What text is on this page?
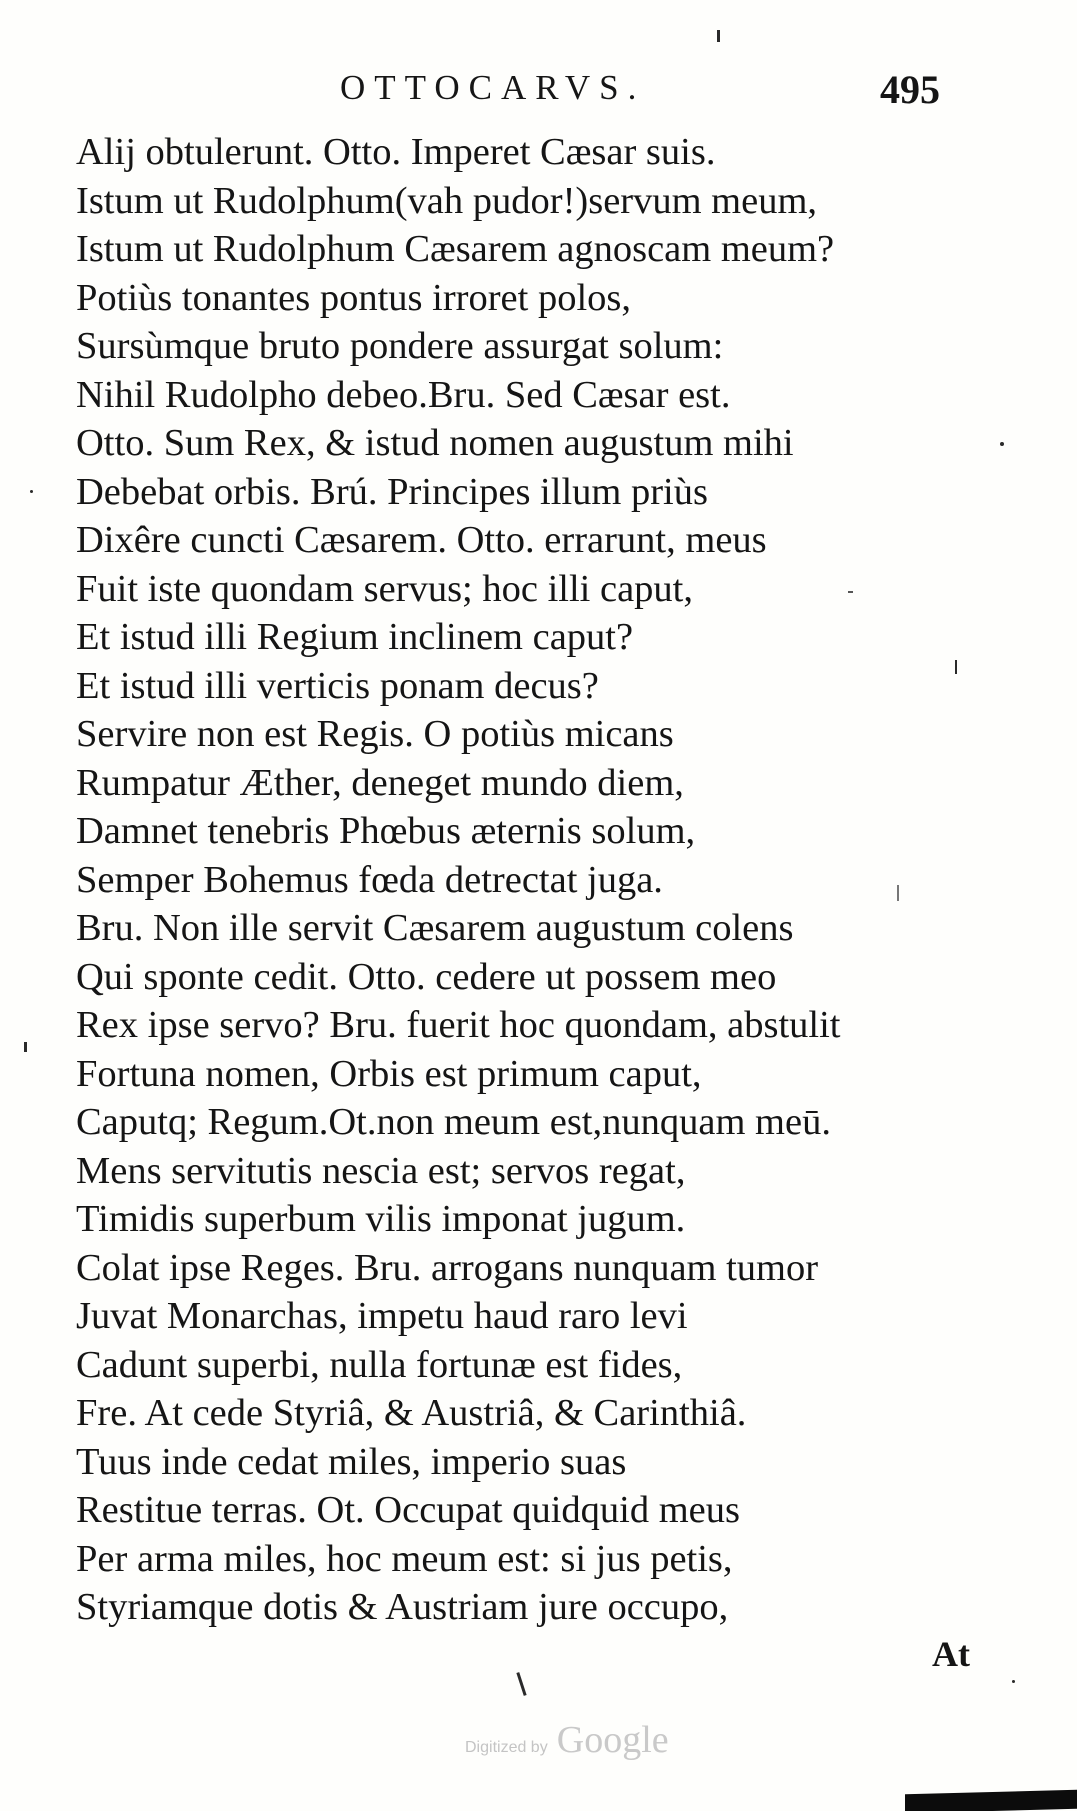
OTTOCARVS.	495
Alij obtulerunt. Otto. Imperet Cæsar suis.
Istum ut Rudolphum(vah pudor!)servum meum,
Istum ut Rudolphum Cæsarem agnoscam meum?
Potiùs tonantes pontus irroret polos,
Sursùmque bruto pondere assurgat solum:
Nihil Rudolpho debeo.Bru. Sed Cæsar est.
Otto. Sum Rex, & istud nomen augustum mihi
Debebat orbis. Brú. Principes illum priùs
Dixêre cuncti Cæsarem. Otto. errarunt, meus
Fuit iste quondam servus; hoc illi caput,
Et istud illi Regium inclinem caput?
Et istud illi verticis ponam decus?
Servire non est Regis. O potiùs micans
Rumpatur Æther, deneget mundo diem,
Damnet tenebris Phœbus æternis solum,
Semper Bohemus fœda detrectat juga.
Bru. Non ille servit Cæsarem augustum colens
Qui sponte cedit. Otto. cedere ut possem meo
Rex ipse servo? Bru. fuerit hoc quondam, abstulit
Fortuna nomen, Orbis est primum caput,
Caputq; Regum.Ot.non meum est,nunquam meū.
Mens servitutis nescia est; servos regat,
Timidis superbum vilis imponat jugum.
Colat ipse Reges. Bru. arrogans nunquam tumor
Juvat Monarchas, impetu haud raro levi
Cadunt superbi, nulla fortunæ est fides,
Fre. At cede Styriâ, & Austriâ, & Carinthiâ.
Tuus inde cedat miles, imperio suas
Restitue terras. Ot. Occupat quidquid meus
Per arma miles, hoc meum est: si jus petis,
Styriamque dotis & Austriam jure occupo,
At
Digitized by Google
